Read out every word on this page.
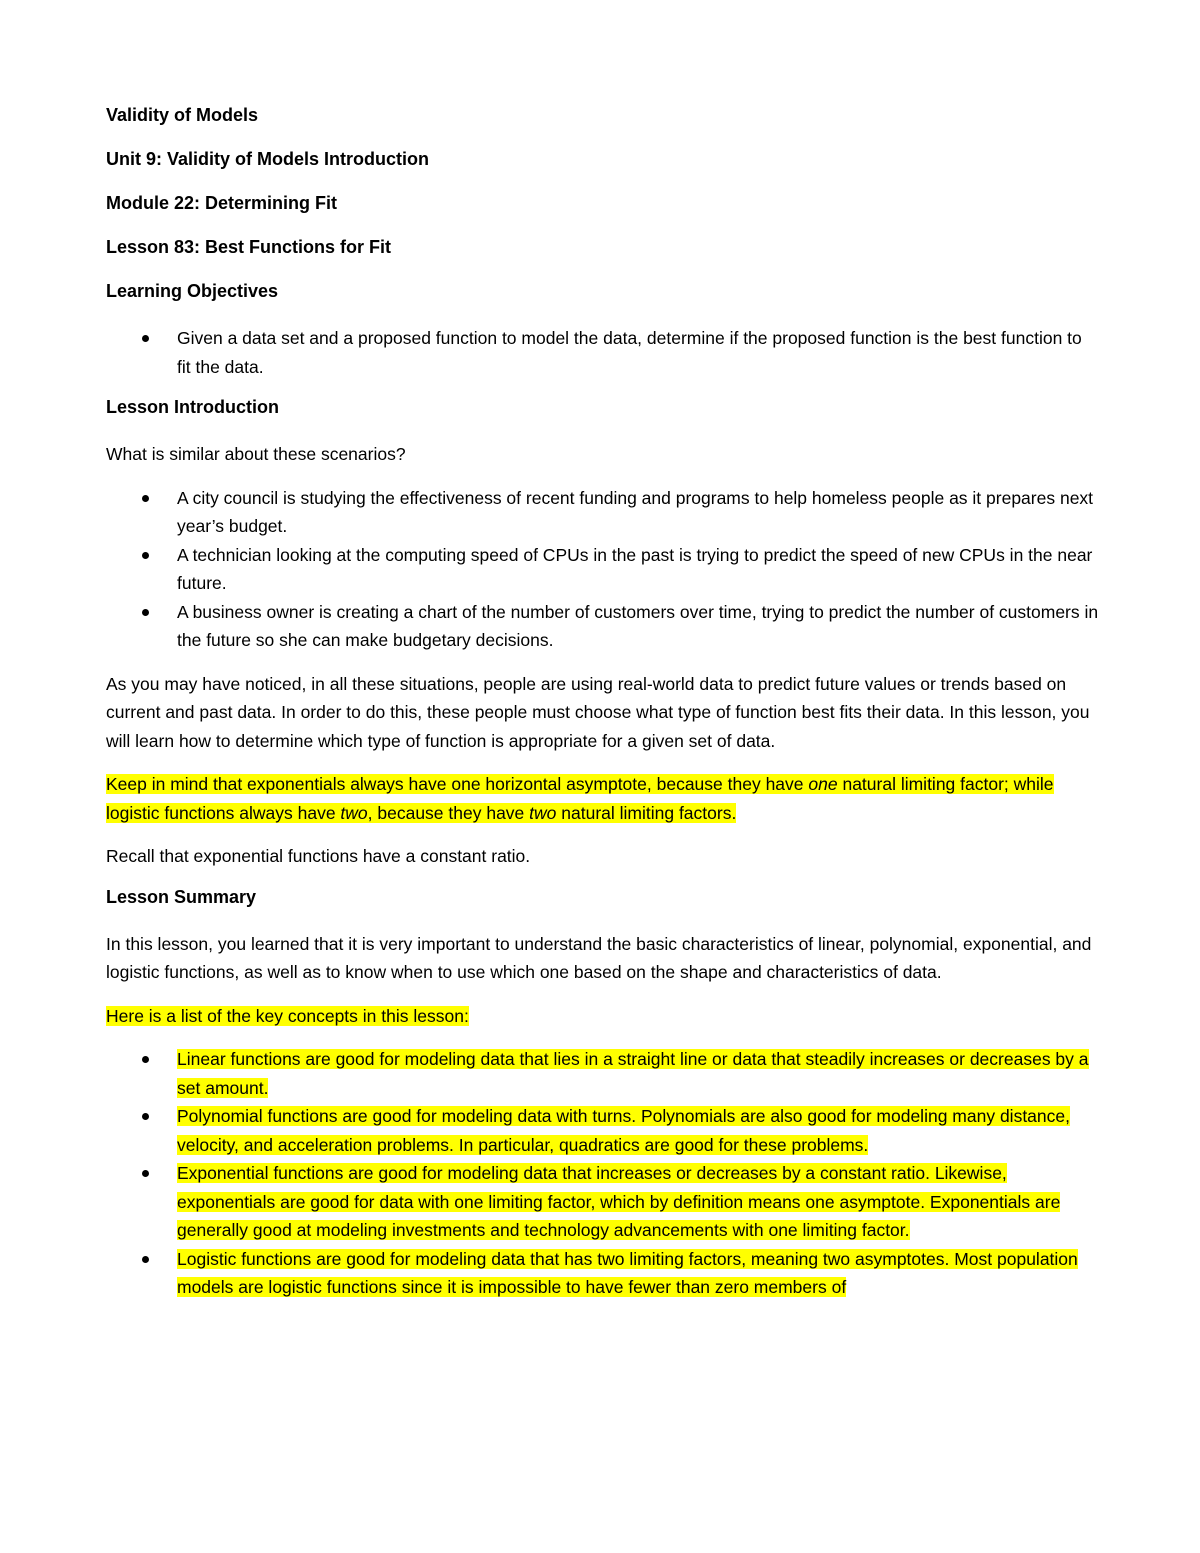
Validity of Models
Unit 9: Validity of Models Introduction
Module 22: Determining Fit
Lesson 83: Best Functions for Fit
Learning Objectives
Given a data set and a proposed function to model the data, determine if the proposed function is the best function to fit the data.
Lesson Introduction

What is similar about these scenarios?

A city council is studying the effectiveness of recent funding and programs to help homeless people as it prepares next year’s budget.
A technician looking at the computing speed of CPUs in the past is trying to predict the speed of new CPUs in the near future.
A business owner is creating a chart of the number of customers over time, trying to predict the number of customers in the future so she can make budgetary decisions.

As you may have noticed, in all these situations, people are using real-world data to predict future values or trends based on current and past data. In order to do this, these people must choose what type of function best fits their data. In this lesson, you will learn how to determine which type of function is appropriate for a given set of data.

Keep in mind that exponentials always have one horizontal asymptote, because they have one natural limiting factor; while logistic functions always have two, because they have two natural limiting factors.

Recall that exponential functions have a constant ratio.

Lesson Summary

In this lesson, you learned that it is very important to understand the basic characteristics of linear, polynomial, exponential, and logistic functions, as well as to know when to use which one based on the shape and characteristics of data.

Here is a list of the key concepts in this lesson:

Linear functions are good for modeling data that lies in a straight line or data that steadily increases or decreases by a set amount.
Polynomial functions are good for modeling data with turns. Polynomials are also good for modeling many distance, velocity, and acceleration problems. In particular, quadratics are good for these problems.
Exponential functions are good for modeling data that increases or decreases by a constant ratio. Likewise, exponentials are good for data with one limiting factor, which by definition means one asymptote. Exponentials are generally good at modeling investments and technology advancements with one limiting factor.
Logistic functions are good for modeling data that has two limiting factors, meaning two asymptotes. Most population models are logistic functions since it is impossible to have fewer than zero members of
